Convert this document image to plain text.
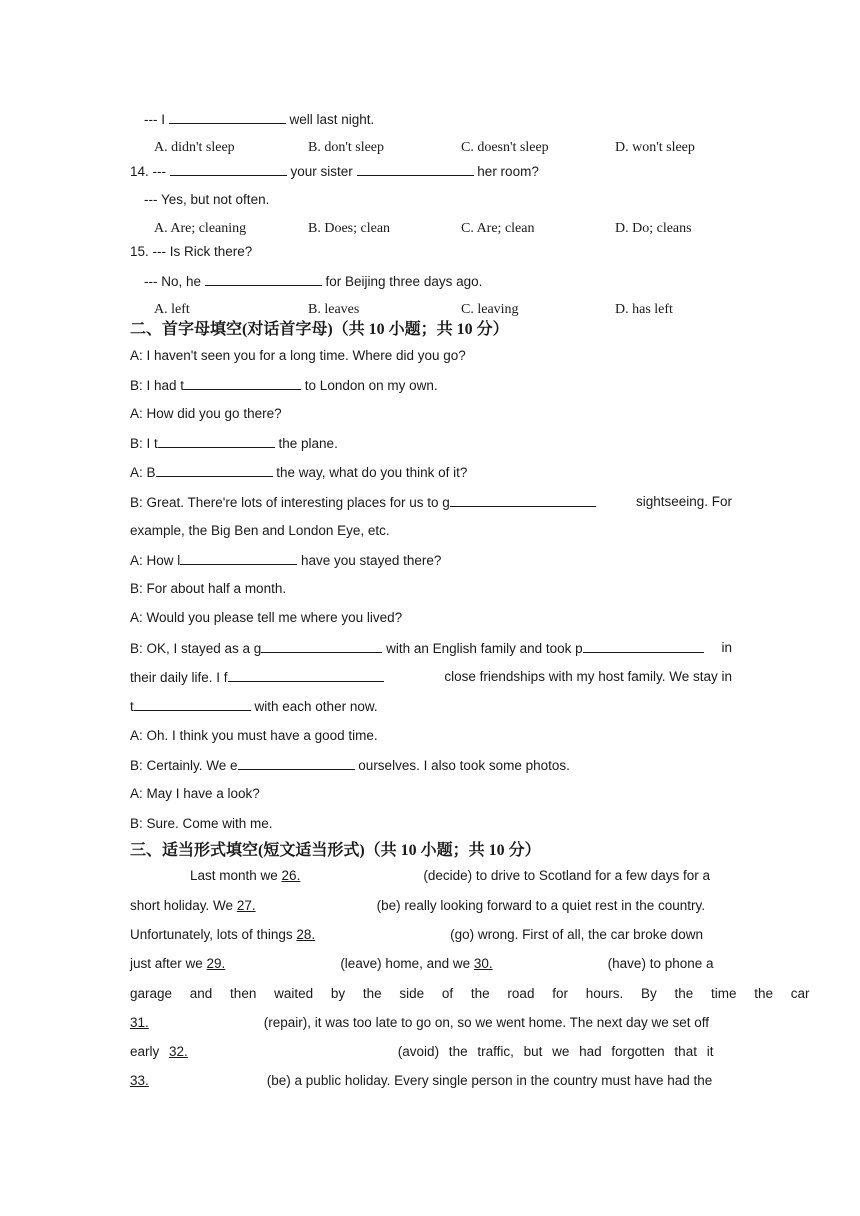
--- I	well last night.
A. didn't sleep	B. don't sleep	C. doesn't sleep	D. won't sleep
14. ---	your sister	her room?
--- Yes, but not often.
A. Are; cleaning	B. Does; clean	C. Are; clean	D. Do; cleans
15. --- Is Rick there?
--- No, he	for Beijing three days ago.
A. left	B. leaves	C. leaving	D. has left
二、首字母填空(对话首字母)（共 10 小题；共 10 分）
A: I haven't seen you for a long time. Where did you go?
B: I had t	to London on my own.
A: How did you go there?
B: I t	the plane.
A: B	the way, what do you think of it?
B: Great. There're lots of interesting places for us to g	sightseeing. For
example, the Big Ben and London Eye, etc.
A: How l	have you stayed there?
B: For about half a month.
A: Would you please tell me where you lived?
B: OK, I stayed as a g	with an English family and took p	in
their daily life. I f	close friendships with my host family. We stay in
t	with each other now.
A: Oh. I think you must have a good time.
B: Certainly. We e	ourselves. I also took some photos.
A: May I have a look?
B: Sure. Come with me.
三、适当形式填空(短文适当形式)（共 10 小题；共 10 分）
Last month we 26.	(decide) to drive to Scotland for a few days for a
short holiday. We 27.	(be) really looking forward to a quiet rest in the country.
Unfortunately, lots of things 28.	(go) wrong. First of all, the car broke down
just after we 29.	(leave) home, and we 30.	(have) to phone a
garage and then waited by the side of the road for hours. By the time the car
31.	(repair), it was too late to go on, so we went home. The next day we set off
early 32.	(avoid) the traffic, but we had forgotten that it
33.	(be) a public holiday. Every single person in the country must have had the
